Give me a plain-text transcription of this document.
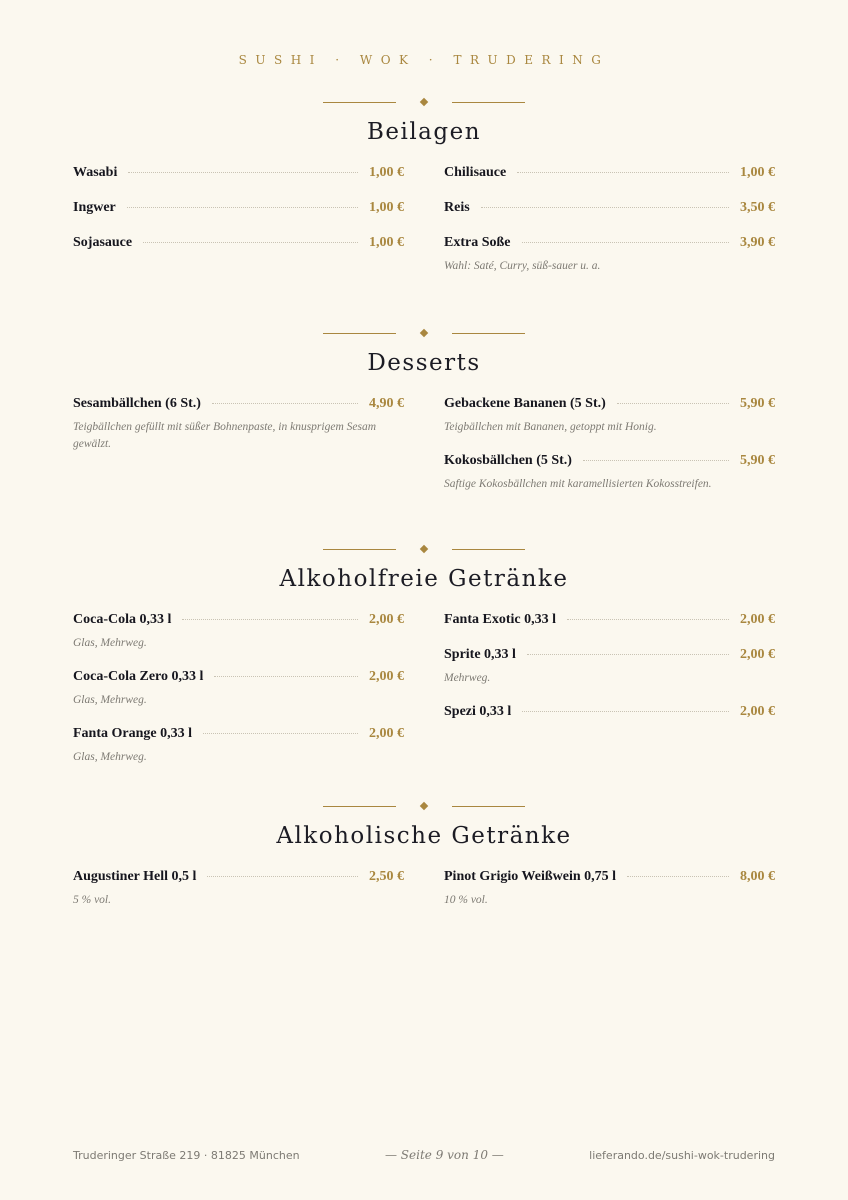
SUSHI · WOK · TRUDERING
Beilagen
Wasabi	1,00 €
Ingwer	1,00 €
Sojasauce	1,00 €
Chilisauce	1,00 €
Reis	3,50 €
Extra Soße	3,90 €
Wahl: Saté, Curry, süß-sauer u. a.
Desserts
Sesambällchen (6 St.)	4,90 €
Teigbällchen gefüllt mit süßer Bohnenpaste, in knusprigem Sesam gewälzt.
Gebackene Bananen (5 St.)	5,90 €
Teigbällchen mit Bananen, getoppt mit Honig.
Kokosbällchen (5 St.)	5,90 €
Saftige Kokosbällchen mit karamellisierten Kokosstreifen.
Alkoholfreie Getränke
Coca-Cola 0,33 l	2,00 €
Glas, Mehrweg.
Coca-Cola Zero 0,33 l	2,00 €
Glas, Mehrweg.
Fanta Orange 0,33 l	2,00 €
Glas, Mehrweg.
Fanta Exotic 0,33 l	2,00 €
Sprite 0,33 l	2,00 €
Mehrweg.
Spezi 0,33 l	2,00 €
Alkoholische Getränke
Augustiner Hell 0,5 l	2,50 €
5 % vol.
Pinot Grigio Weißwein 0,75 l	8,00 €
10 % vol.
Truderinger Straße 219 · 81825 München	— Seite 9 von 10 —	lieferando.de/sushi-wok-trudering
